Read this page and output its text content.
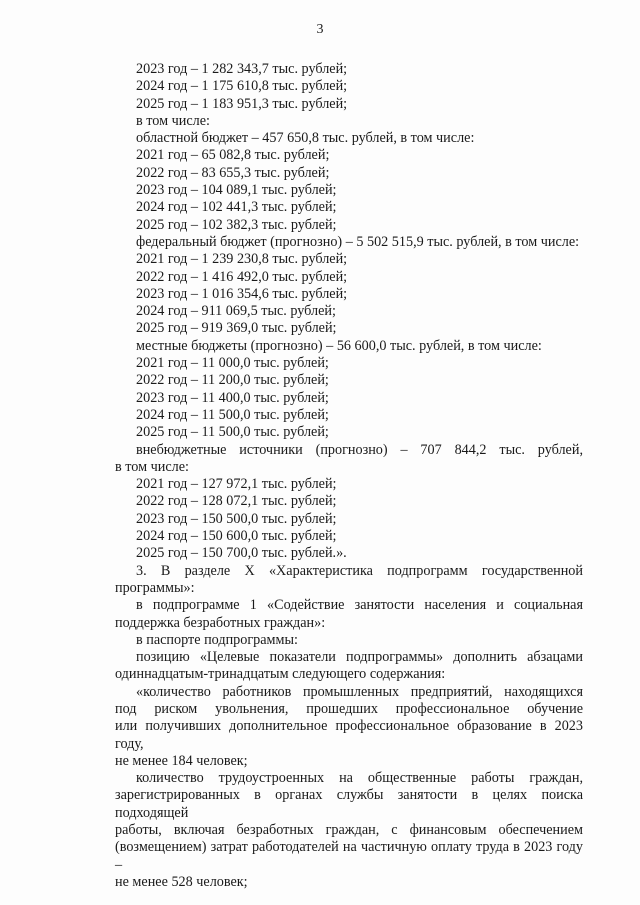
3

2023 год – 1 282 343,7 тыс. рублей;

2024 год – 1 175 610,8 тыс. рублей;

2025 год – 1 183 951,3 тыс. рублей;

в том числе:

областной бюджет – 457 650,8 тыс. рублей, в том числе:

2021 год – 65 082,8 тыс. рублей;

2022 год – 83 655,3 тыс. рублей;

2023 год – 104 089,1 тыс. рублей;

2024 год – 102 441,3 тыс. рублей;

2025 год – 102 382,3 тыс. рублей;

федеральный бюджет (прогнозно) – 5 502 515,9 тыс. рублей, в том числе:

2021 год – 1 239 230,8 тыс. рублей;

2022 год – 1 416 492,0 тыс. рублей;

2023 год – 1 016 354,6 тыс. рублей;

2024 год – 911 069,5 тыс. рублей;

2025 год – 919 369,0 тыс. рублей;

местные бюджеты (прогнозно) – 56 600,0 тыс. рублей, в том числе:

2021 год – 11 000,0 тыс. рублей;

2022 год – 11 200,0 тыс. рублей;

2023 год – 11 400,0 тыс. рублей;

2024 год – 11 500,0 тыс. рублей;

2025 год – 11 500,0 тыс. рублей;

внебюджетные источники (прогнозно) – 707 844,2 тыс. рублей,

в том числе:

2021 год – 127 972,1 тыс. рублей;

2022 год – 128 072,1 тыс. рублей;

2023 год – 150 500,0 тыс. рублей;

2024 год – 150 600,0 тыс. рублей;

2025 год – 150 700,0 тыс. рублей.».

3. В разделе X «Характеристика подпрограмм государственной

программы»:

в подпрограмме 1 «Содействие занятости населения и социальная

поддержка безработных граждан»:

в паспорте подпрограммы:

позицию «Целевые показатели подпрограммы» дополнить абзацами

одиннадцатым-тринадцатым следующего содержания:

«количество работников промышленных предприятий, находящихся

под риском увольнения, прошедших профессиональное обучение

или получивших дополнительное профессиональное образование в 2023 году,

не менее 184 человек;

количество трудоустроенных на общественные работы граждан,

зарегистрированных в органах службы занятости в целях поиска подходящей

работы, включая безработных граждан, с финансовым обеспечением

(возмещением) затрат работодателей на частичную оплату труда в 2023 году –

не менее 528 человек;
